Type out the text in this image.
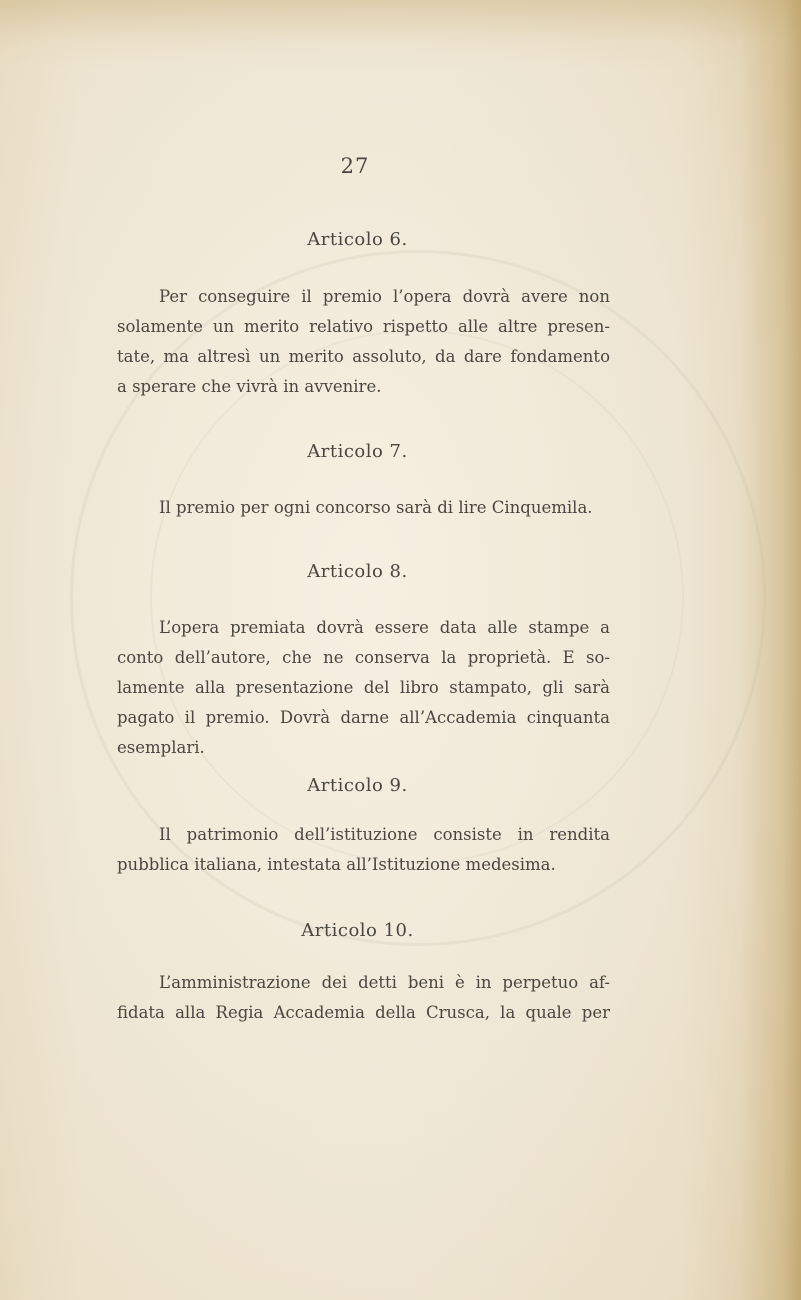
27
Articolo 6.
Per conseguire il premio l’opera dovrà avere non
solamente un merito relativo rispetto alle altre presen-
tate, ma altresì un merito assoluto, da dare fondamento
a sperare che vivrà in avvenire.
Articolo 7.
Il premio per ogni concorso sarà di lire Cinquemila.
Articolo 8.
L’opera premiata dovrà essere data alle stampe a
conto dell’autore, che ne conserva la proprietà. E so-
lamente alla presentazione del libro stampato, gli sarà
pagato il premio. Dovrà darne all’Accademia cinquanta
esemplari.
Articolo 9.
Il patrimonio dell’istituzione consiste in rendita
pubblica italiana, intestata all’Istituzione medesima.
Articolo 10.
L’amministrazione dei detti beni è in perpetuo af-
fidata alla Regia Accademia della Crusca, la quale per
